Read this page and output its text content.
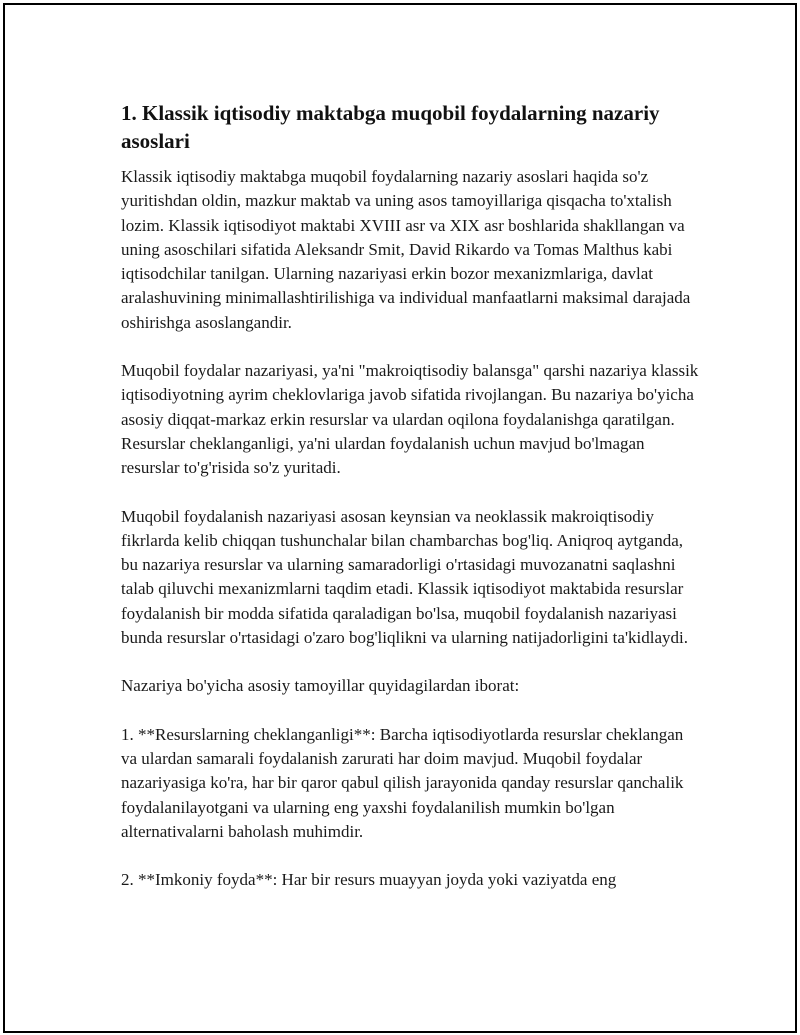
1. Klassik iqtisodiy maktabga muqobil foydalarning nazariy asoslari

Klassik iqtisodiy maktabga muqobil foydalarning nazariy asoslari haqida so'z yuritishdan oldin, mazkur maktab va uning asos tamoyillariga qisqacha to'xtalish lozim. Klassik iqtisodiyot maktabi XVIII asr va XIX asr boshlarida shakllangan va uning asoschilari sifatida Aleksandr Smit, David Rikardo va Tomas Malthus kabi iqtisodchilar tanilgan. Ularning nazariyasi erkin bozor mexanizmlariga, davlat aralashuvining minimallashtirilishiga va individual manfaatlarni maksimal darajada oshirishga asoslangandir.

Muqobil foydalar nazariyasi, ya'ni "makroiqtisodiy balansga" qarshi nazariya klassik iqtisodiyotning ayrim cheklovlariga javob sifatida rivojlangan. Bu nazariya bo'yicha asosiy diqqat-markaz erkin resurslar va ulardan oqilona foydalanishga qaratilgan. Resurslar cheklanganligi, ya'ni ulardan foydalanish uchun mavjud bo'lmagan resurslar to'g'risida so'z yuritadi.

Muqobil foydalanish nazariyasi asosan keynsian va neoklassik makroiqtisodiy fikrlarda kelib chiqqan tushunchalar bilan chambarchas bog'liq. Aniqroq aytganda, bu nazariya resurslar va ularning samaradorligi o'rtasidagi muvozanatni saqlashni talab qiluvchi mexanizmlarni taqdim etadi. Klassik iqtisodiyot maktabida resurslar foydalanish bir modda sifatida qaraladigan bo'lsa, muqobil foydalanish nazariyasi bunda resurslar o'rtasidagi o'zaro bog'liqlikni va ularning natijadorligini ta'kidlaydi.

Nazariya bo'yicha asosiy tamoyillar quyidagilardan iborat:

1. **Resurslarning cheklanganligi**: Barcha iqtisodiyotlarda resurslar cheklangan va ulardan samarali foydalanish zarurati har doim mavjud. Muqobil foydalar nazariyasiga ko'ra, har bir qaror qabul qilish jarayonida qanday resurslar qanchalik foydalanilayotgani va ularning eng yaxshi foydalanilish mumkin bo'lgan alternativalarni baholash muhimdir.

2. **Imkoniy foyda**: Har bir resurs muayyan joyda yoki vaziyatda eng
